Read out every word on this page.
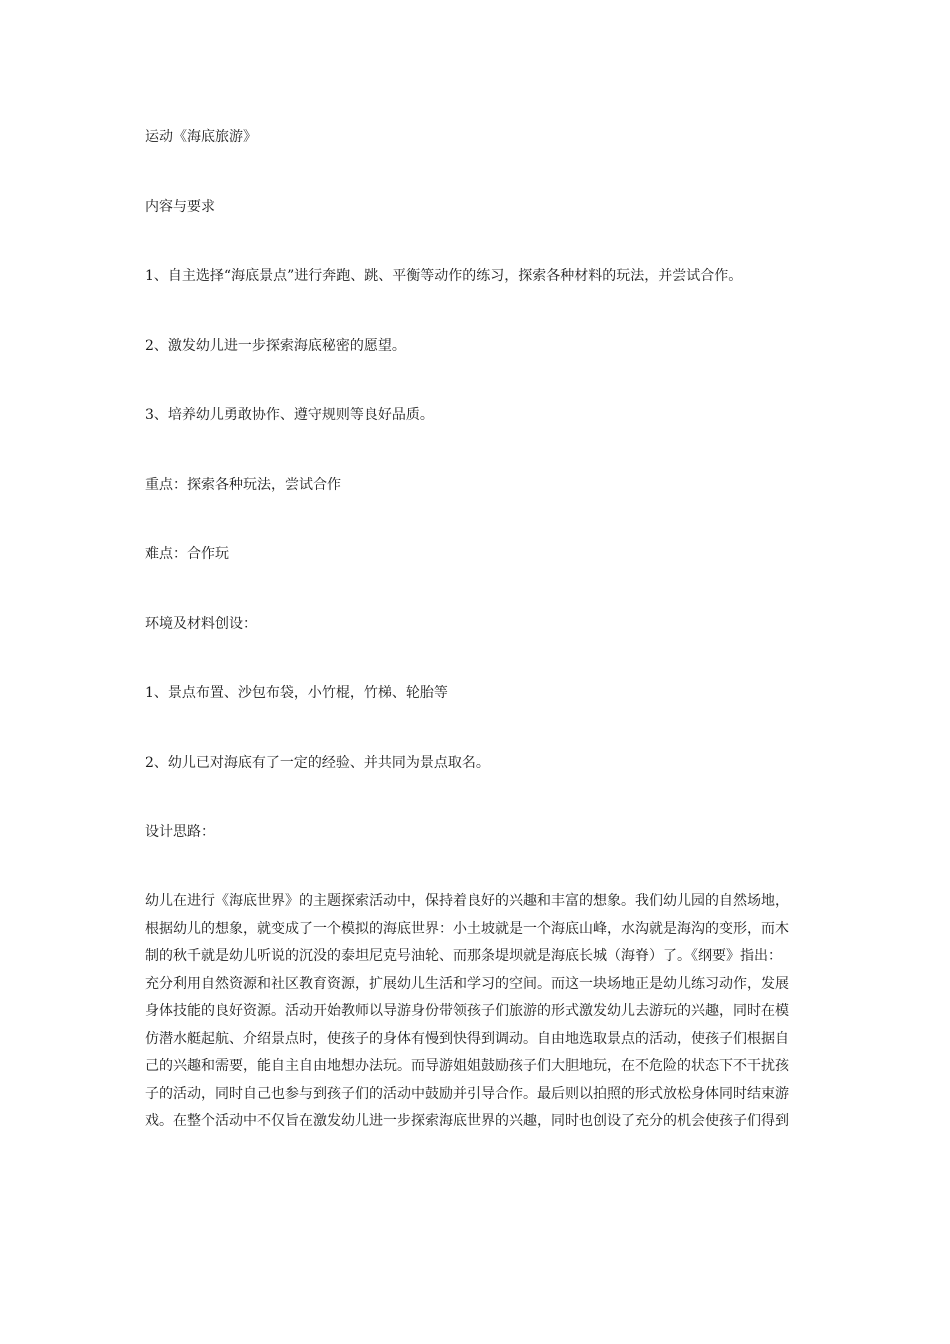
运动《海底旅游》
内容与要求
1、自主选择“海底景点”进行奔跑、跳、平衡等动作的练习，探索各种材料的玩法，并尝试合作。
2、激发幼儿进一步探索海底秘密的愿望。
3、培养幼儿勇敢协作、遵守规则等良好品质。
重点：探索各种玩法，尝试合作
难点：合作玩
环境及材料创设：
1、景点布置、沙包布袋，小竹棍，竹梯、轮胎等
2、幼儿已对海底有了一定的经验、并共同为景点取名。
设计思路：
幼儿在进行《海底世界》的主题探索活动中，保持着良好的兴趣和丰富的想象。我们幼儿园的自然场地，
根据幼儿的想象，就变成了一个模拟的海底世界：小土坡就是一个海底山峰，水沟就是海沟的变形，而木
制的秋千就是幼儿听说的沉没的泰坦尼克号油轮、而那条堤坝就是海底长城（海脊）了。《纲要》指出：
充分利用自然资源和社区教育资源，扩展幼儿生活和学习的空间。而这一块场地正是幼儿练习动作，发展
身体技能的良好资源。活动开始教师以导游身份带领孩子们旅游的形式激发幼儿去游玩的兴趣，同时在模
仿潜水艇起航、介绍景点时，使孩子的身体有慢到快得到调动。自由地选取景点的活动，使孩子们根据自
己的兴趣和需要，能自主自由地想办法玩。而导游姐姐鼓励孩子们大胆地玩，在不危险的状态下不干扰孩
子的活动，同时自己也参与到孩子们的活动中鼓励并引导合作。最后则以拍照的形式放松身体同时结束游
戏。在整个活动中不仅旨在激发幼儿进一步探索海底世界的兴趣，同时也创设了充分的机会使孩子们得到
